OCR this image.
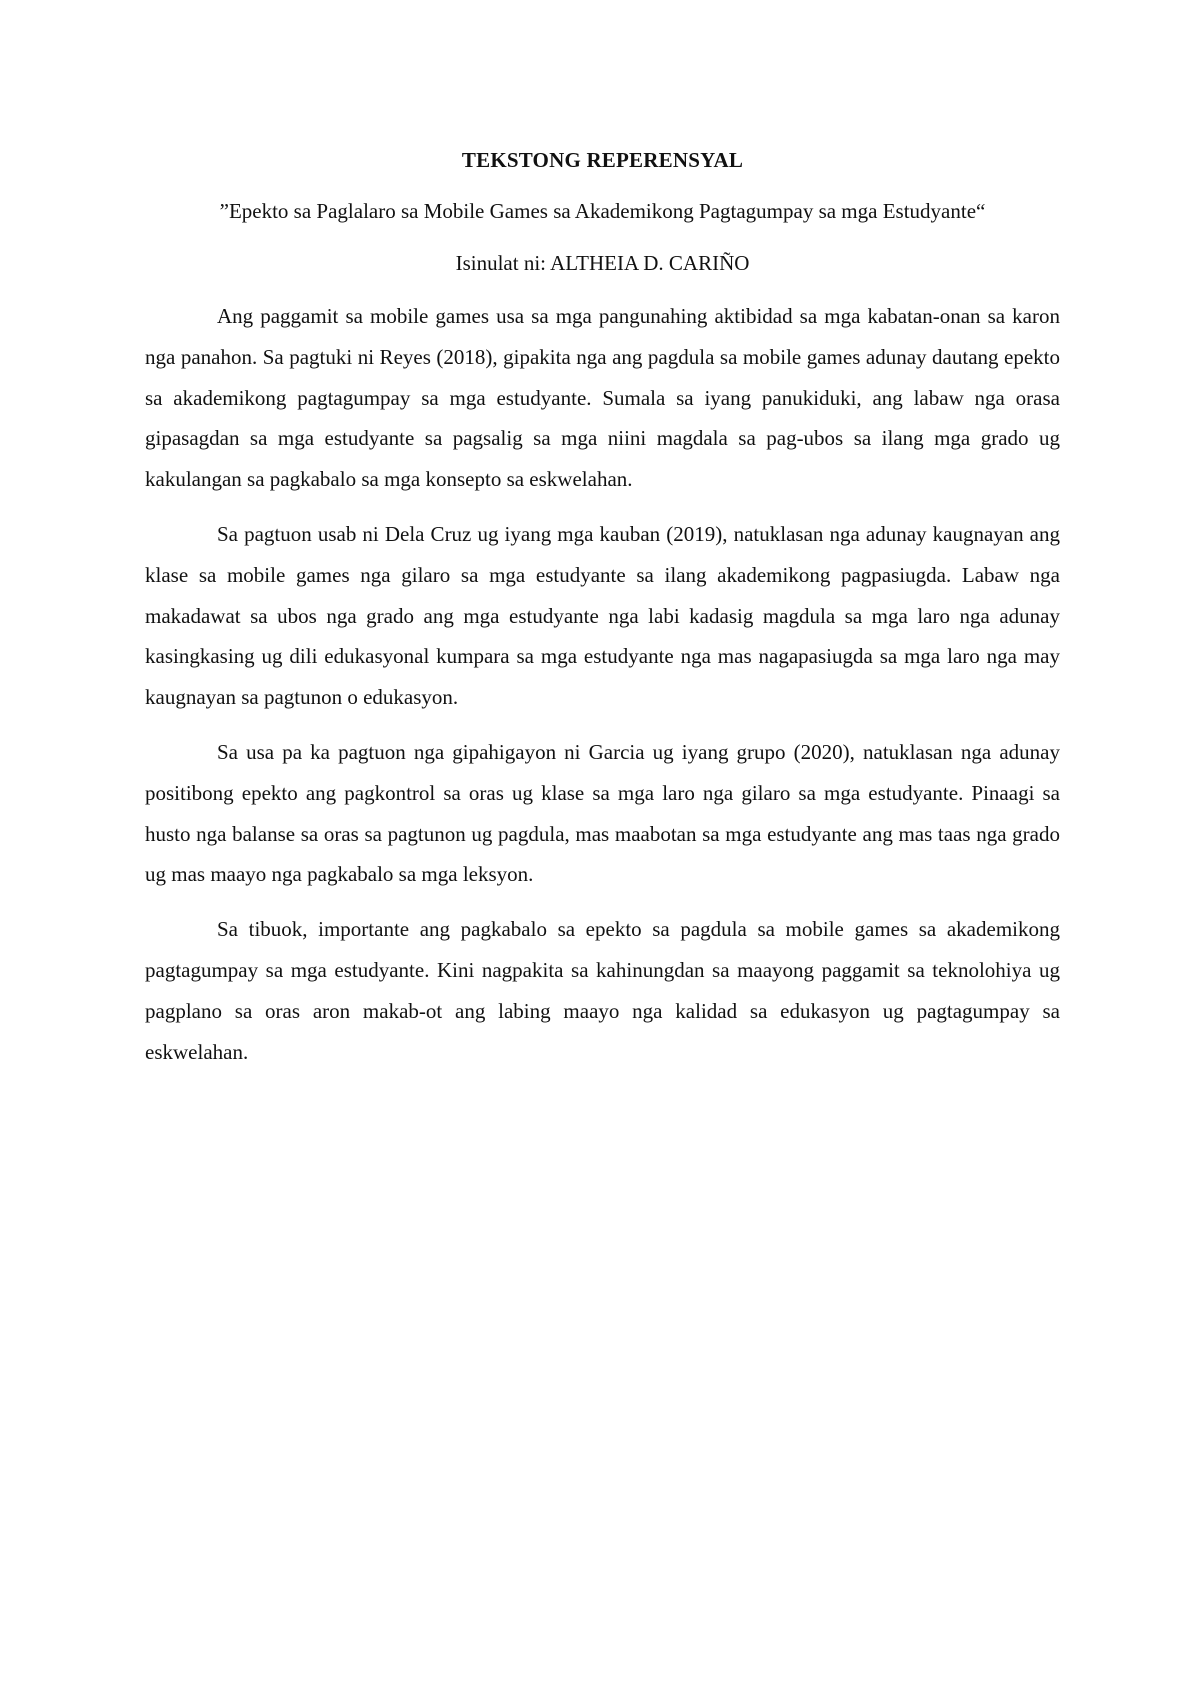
TEKSTONG REPERENSYAL
”Epekto sa Paglalaro sa Mobile Games sa Akademikong Pagtagumpay sa mga Estudyante“
Isinulat ni: ALTHEIA D. CARIÑO

Ang paggamit sa mobile games usa sa mga pangunahing aktibidad sa mga kabatan-onan sa karon nga panahon. Sa pagtuki ni Reyes (2018), gipakita nga ang pagdula sa mobile games adunay dautang epekto sa akademikong pagtagumpay sa mga estudyante. Sumala sa iyang panukiduki, ang labaw nga orasa gipasagdan sa mga estudyante sa pagsalig sa mga niini magdala sa pag-ubos sa ilang mga grado ug kakulangan sa pagkabalo sa mga konsepto sa eskwelahan.

Sa pagtuon usab ni Dela Cruz ug iyang mga kauban (2019), natuklasan nga adunay kaugnayan ang klase sa mobile games nga gilaro sa mga estudyante sa ilang akademikong pagpasiugda. Labaw nga makadawat sa ubos nga grado ang mga estudyante nga labi kadasig magdula sa mga laro nga adunay kasingkasing ug dili edukasyonal kumpara sa mga estudyante nga mas nagapasiugda sa mga laro nga may kaugnayan sa pagtunon o edukasyon.

Sa usa pa ka pagtuon nga gipahigayon ni Garcia ug iyang grupo (2020), natuklasan nga adunay positibong epekto ang pagkontrol sa oras ug klase sa mga laro nga gilaro sa mga estudyante. Pinaagi sa husto nga balanse sa oras sa pagtunon ug pagdula, mas maabotan sa mga estudyante ang mas taas nga grado ug mas maayo nga pagkabalo sa mga leksyon.

Sa tibuok, importante ang pagkabalo sa epekto sa pagdula sa mobile games sa akademikong pagtagumpay sa mga estudyante. Kini nagpakita sa kahinungdan sa maayong paggamit sa teknolohiya ug pagplano sa oras aron makab-ot ang labing maayo nga kalidad sa edukasyon ug pagtagumpay sa eskwelahan.
